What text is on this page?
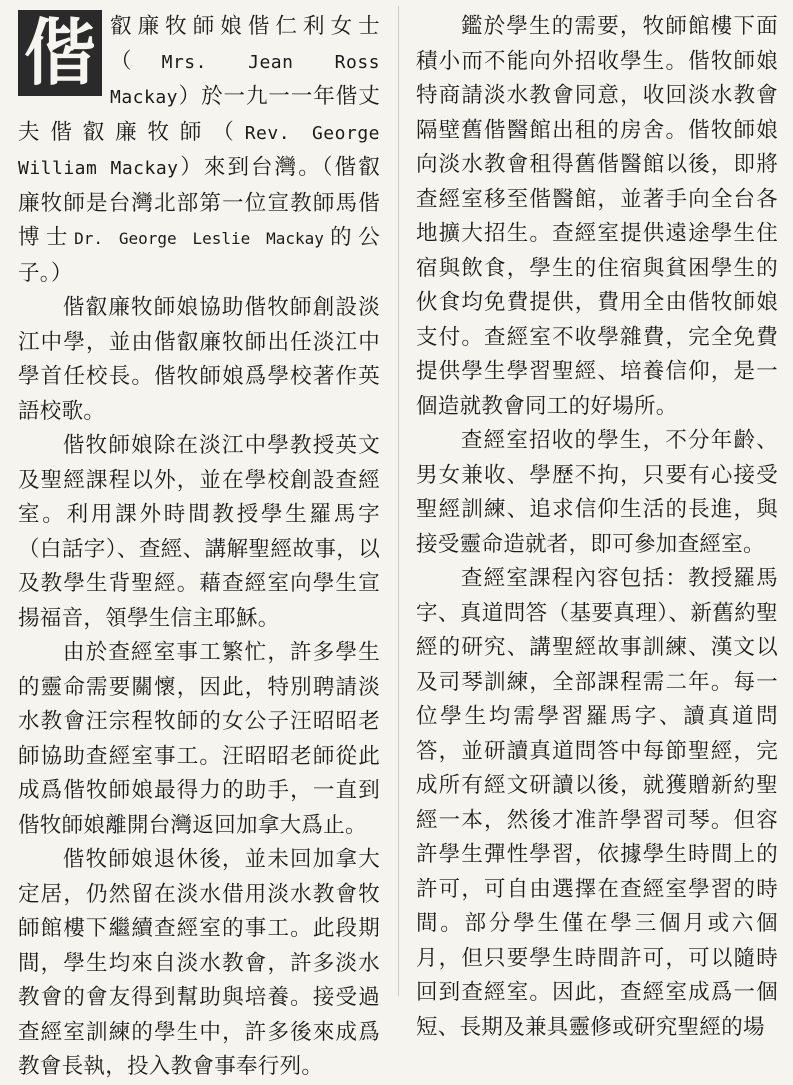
偕 叡廉牧師娘偕仁利女士（Mrs. Jean Ross Mackay）於一九一一年偕丈夫偕叡廉牧師（Rev. George William Mackay）來到台灣。（偕叡廉牧師是台灣北部第一位宣教師馬偕博士Dr. George Leslie Mackay的公子。）

偕叡廉牧師娘協助偕牧師創設淡江中學，並由偕叡廉牧師出任淡江中學首任校長。偕牧師娘爲學校著作英語校歌。

偕牧師娘除在淡江中學教授英文及聖經課程以外，並在學校創設查經室。利用課外時間教授學生羅馬字（白話字）、查經、講解聖經故事，以及教學生背聖經。藉查經室向學生宣揚福音，領學生信主耶穌。

由於查經室事工繁忙，許多學生的靈命需要關懷，因此，特別聘請淡水教會汪宗程牧師的女公子汪昭昭老師協助查經室事工。汪昭昭老師從此成爲偕牧師娘最得力的助手，一直到偕牧師娘離開台灣返回加拿大爲止。

偕牧師娘退休後，並未回加拿大定居，仍然留在淡水借用淡水教會牧師館樓下繼續查經室的事工。此段期間，學生均來自淡水教會，許多淡水教會的會友得到幫助與培養。接受過查經室訓練的學生中，許多後來成爲教會長執，投入教會事奉行列。

鑑於學生的需要，牧師館樓下面積小而不能向外招收學生。偕牧師娘特商請淡水教會同意，收回淡水教會隔壁舊偕醫館出租的房舍。偕牧師娘向淡水教會租得舊偕醫館以後，即將查經室移至偕醫館，並著手向全台各地擴大招生。查經室提供遠途學生住宿與飲食，學生的住宿與貧困學生的伙食均免費提供，費用全由偕牧師娘支付。查經室不收學雜費，完全免費提供學生學習聖經、培養信仰，是一個造就教會同工的好場所。

查經室招收的學生，不分年齡、男女兼收、學歷不拘，只要有心接受聖經訓練、追求信仰生活的長進，與接受靈命造就者，即可參加查經室。

查經室課程內容包括：教授羅馬字、真道問答（基要真理）、新舊約聖經的研究、講聖經故事訓練、漢文以及司琴訓練，全部課程需二年。每一位學生均需學習羅馬字、讀真道問答，並研讀真道問答中每節聖經，完成所有經文研讀以後，就獲贈新約聖經一本，然後才准許學習司琴。但容許學生彈性學習，依據學生時間上的許可，可自由選擇在查經室學習的時間。部分學生僅在學三個月或六個月，但只要學生時間許可，可以隨時回到查經室。因此，查經室成爲一個短、長期及兼具靈修或研究聖經的場
